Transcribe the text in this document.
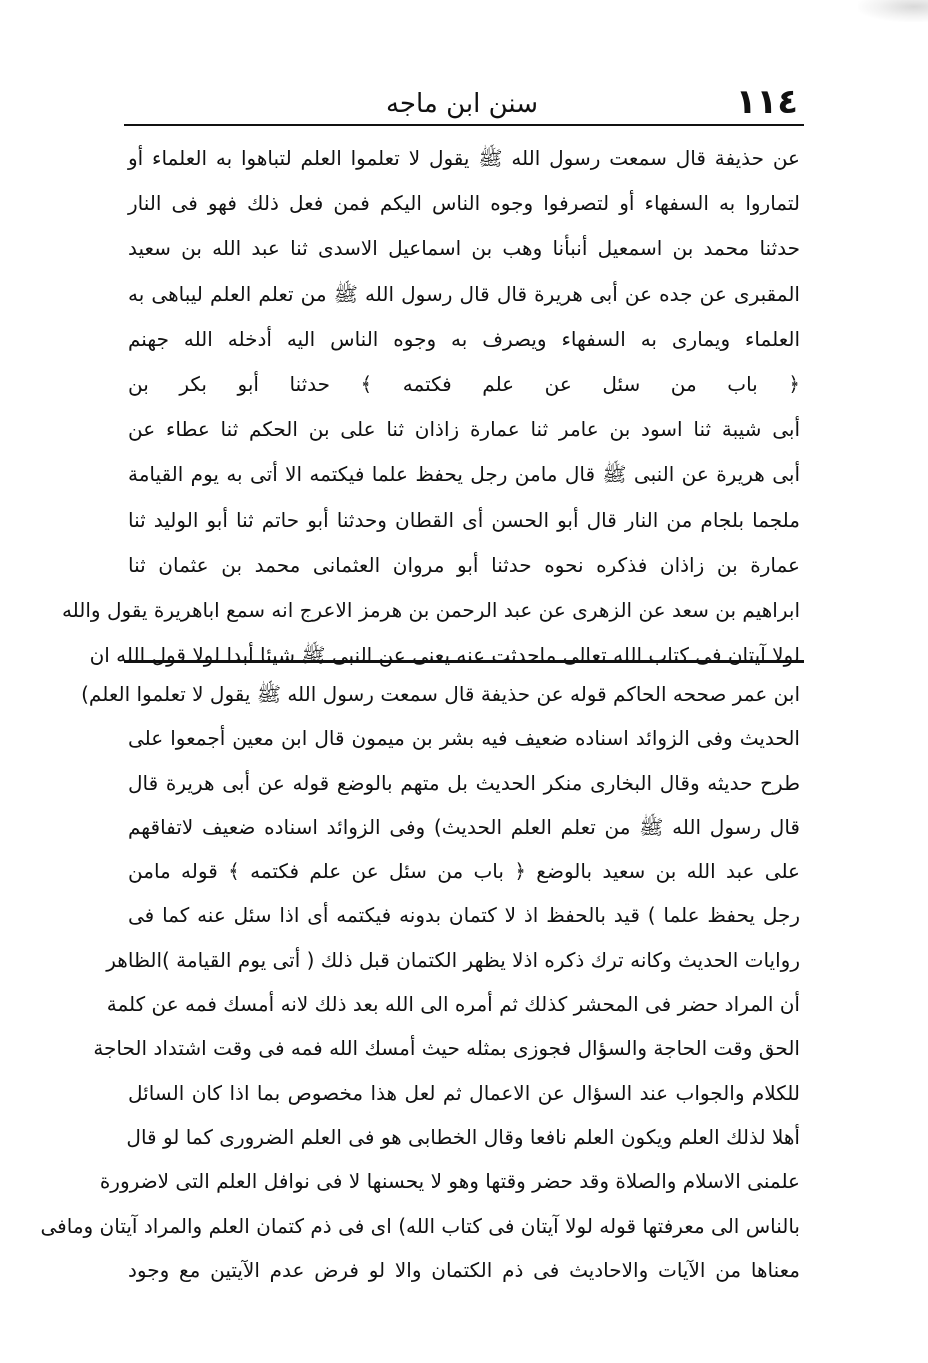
١١٤
سنن ابن ماجه
عن حذيفة قال سمعت رسول الله ﷺ يقول لا تعلموا العلم لتباهوا به العلماء أو
لتماروا به السفهاء أو لتصرفوا وجوه الناس اليكم فمن فعل ذلك فهو فى النار
حدثنا محمد بن اسمعيل أنبأنا وهب بن اسماعيل الاسدى ثنا عبد الله بن سعيد
المقبرى عن جده عن أبى هريرة قال قال رسول الله ﷺ من تعلم العلم ليباهى به
العلماء ويمارى به السفهاء ويصرف به وجوه الناس اليه أدخله الله جهنم
﴿ باب من سئل عن علم فكتمه ﴾ حدثنا أبو بكر بن
أبى شيبة ثنا اسود بن عامر ثنا عمارة زاذان ثنا على بن الحكم ثنا عطاء عن
أبى هريرة عن النبى ﷺ قال مامن رجل يحفظ علما فيكتمه الا أتى به يوم القيامة
ملجما بلجام من النار قال أبو الحسن أى القطان وحدثنا أبو حاتم ثنا أبو الوليد ثنا
عمارة بن زاذان فذكره نحوه حدثنا أبو مروان العثمانى محمد بن عثمان ثنا
ابراهيم بن سعد عن الزهرى عن عبد الرحمن بن هرمز الاعرج انه سمع اباهريرة يقول والله
لولا آيتان فى كتاب الله تعالى ماحدثت عنه يعنى عن النبى ﷺ شيئا أبدا لولا قول الله ان
ابن عمر صححه الحاكم قوله عن حذيفة قال سمعت رسول الله ﷺ يقول لا تعلموا العلم)
الحديث وفى الزوائد اسناده ضعيف فيه بشر بن ميمون قال ابن معين أجمعوا على
طرح حديثه وقال البخارى منكر الحديث بل متهم بالوضع قوله عن أبى هريرة قال
قال رسول الله ﷺ من تعلم العلم الحديث) وفى الزوائد اسناده ضعيف لاتفاقهم
على عبد الله بن سعيد بالوضع ﴿ باب من سئل عن علم فكتمه ﴾ قوله مامن
رجل يحفظ علما ) قيد بالحفظ اذ لا كتمان بدونه فيكتمه أى اذا سئل عنه كما فى
روايات الحديث وكانه ترك ذكره اذلا يظهر الكتمان قبل ذلك ( أتى يوم القيامة )الظاهر
أن المراد حضر فى المحشر كذلك ثم أمره الى الله بعد ذلك لانه أمسك فمه عن كلمة
الحق وقت الحاجة والسؤال فجوزى بمثله حيث أمسك الله فمه فى وقت اشتداد الحاجة
للكلام والجواب عند السؤال عن الاعمال ثم لعل هذا مخصوص بما اذا كان السائل
أهلا لذلك العلم ويكون العلم نافعا وقال الخطابى هو فى العلم الضرورى كما لو قال
علمنى الاسلام والصلاة وقد حضر وقتها وهو لا يحسنها لا فى نوافل العلم التى لاضرورة
بالناس الى معرفتها قوله لولا آيتان فى كتاب الله) اى فى ذم كتمان العلم والمراد آيتان ومافى
معناها من الآيات والاحاديث فى ذم الكتمان والا لو فرض عدم الآيتين مع وجود
